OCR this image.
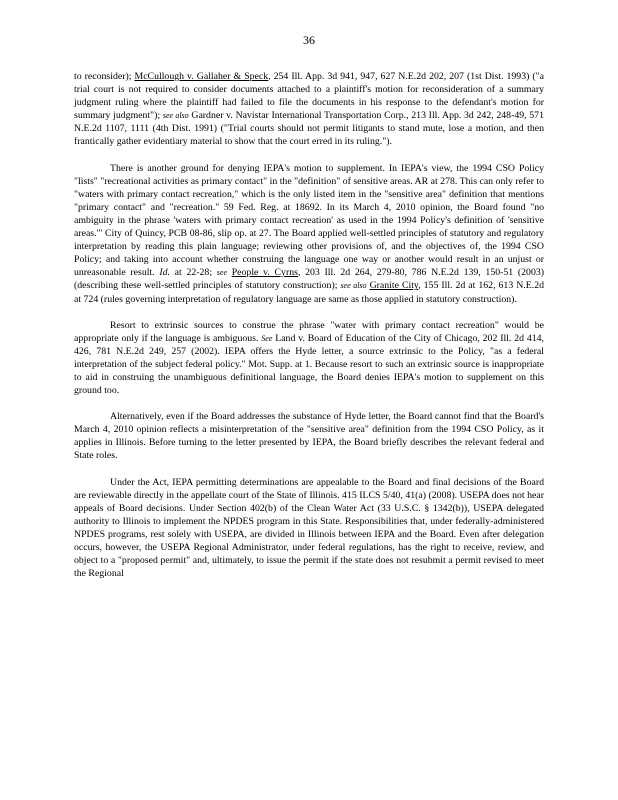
36

to reconsider); McCullough v. Gallaher & Speck, 254 Ill. App. 3d 941, 947, 627 N.E.2d 202, 207 (1st Dist. 1993) ("a trial court is not required to consider documents attached to a plaintiff's motion for reconsideration of a summary judgment ruling where the plaintiff had failed to file the documents in his response to the defendant's motion for summary judgment"); see also Gardner v. Navistar International Transportation Corp., 213 Ill. App. 3d 242, 248-49, 571 N.E.2d 1107, 1111 (4th Dist. 1991) ("Trial courts should not permit litigants to stand mute, lose a motion, and then frantically gather evidentiary material to show that the court erred in its ruling.").

There is another ground for denying IEPA's motion to supplement. In IEPA's view, the 1994 CSO Policy "lists" "recreational activities as primary contact" in the "definition" of sensitive areas. AR at 278. This can only refer to "waters with primary contact recreation," which is the only listed item in the "sensitive area" definition that mentions "primary contact" and "recreation." 59 Fed. Reg. at 18692. In its March 4, 2010 opinion, the Board found "no ambiguity in the phrase 'waters with primary contact recreation' as used in the 1994 Policy's definition of 'sensitive areas.'" City of Quincy, PCB 08-86, slip op. at 27. The Board applied well-settled principles of statutory and regulatory interpretation by reading this plain language; reviewing other provisions of, and the objectives of, the 1994 CSO Policy; and taking into account whether construing the language one way or another would result in an unjust or unreasonable result. Id. at 22-28; see People v. Cyrns, 203 Ill. 2d 264, 279-80, 786 N.E.2d 139, 150-51 (2003) (describing these well-settled principles of statutory construction); see also Granite City, 155 Ill. 2d at 162, 613 N.E.2d at 724 (rules governing interpretation of regulatory language are same as those applied in statutory construction).

Resort to extrinsic sources to construe the phrase "water with primary contact recreation" would be appropriate only if the language is ambiguous. See Land v. Board of Education of the City of Chicago, 202 Ill. 2d 414, 426, 781 N.E.2d 249, 257 (2002). IEPA offers the Hyde letter, a source extrinsic to the Policy, "as a federal interpretation of the subject federal policy." Mot. Supp. at 1. Because resort to such an extrinsic source is inappropriate to aid in construing the unambiguous definitional language, the Board denies IEPA's motion to supplement on this ground too.

Alternatively, even if the Board addresses the substance of Hyde letter, the Board cannot find that the Board's March 4, 2010 opinion reflects a misinterpretation of the "sensitive area" definition from the 1994 CSO Policy, as it applies in Illinois. Before turning to the letter presented by IEPA, the Board briefly describes the relevant federal and State roles.

Under the Act, IEPA permitting determinations are appealable to the Board and final decisions of the Board are reviewable directly in the appellate court of the State of Illinois. 415 ILCS 5/40, 41(a) (2008). USEPA does not hear appeals of Board decisions. Under Section 402(b) of the Clean Water Act (33 U.S.C. § 1342(b)), USEPA delegated authority to Illinois to implement the NPDES program in this State. Responsibilities that, under federally-administered NPDES programs, rest solely with USEPA, are divided in Illinois between IEPA and the Board. Even after delegation occurs, however, the USEPA Regional Administrator, under federal regulations, has the right to receive, review, and object to a "proposed permit" and, ultimately, to issue the permit if the state does not resubmit a permit revised to meet the Regional
